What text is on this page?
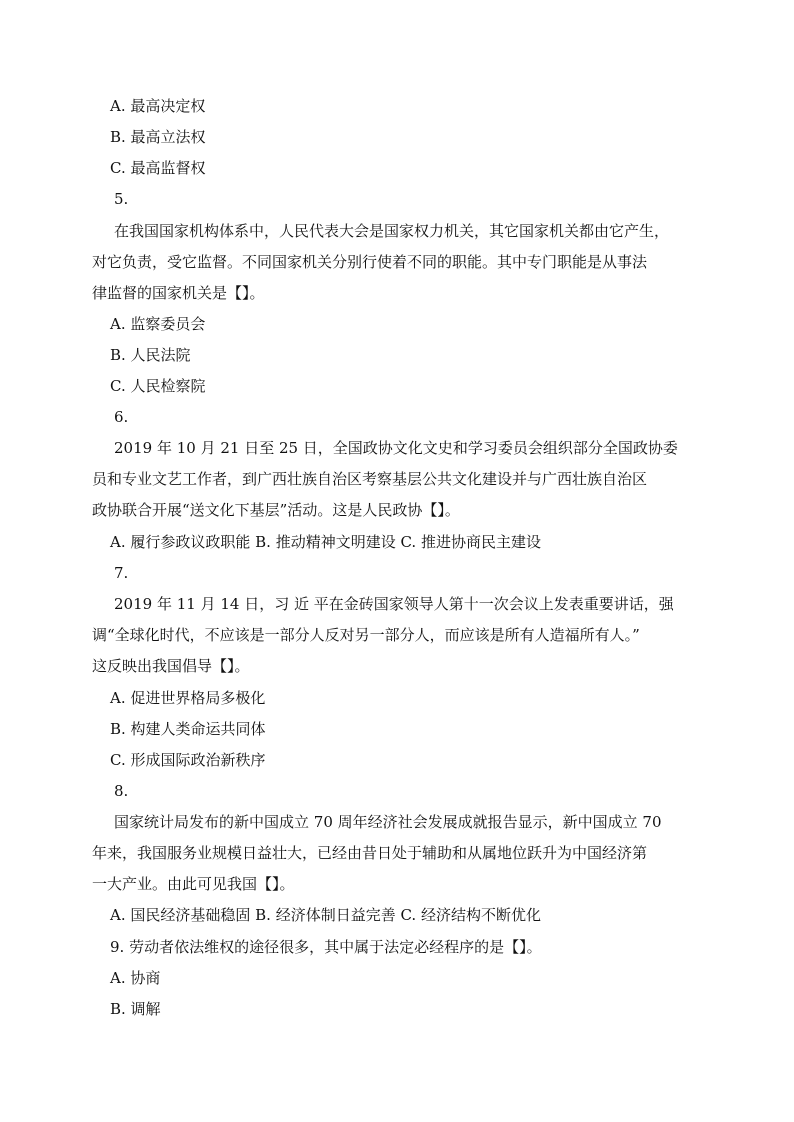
A. 最高决定权
B. 最高立法权
C. 最高监督权
5.
在我国国家机构体系中，人民代表大会是国家权力机关，其它国家机关都由它产生，
对它负责，受它监督。不同国家机关分别行使着不同的职能。其中专门职能是从事法
律监督的国家机关是【】。
A. 监察委员会
B. 人民法院
C. 人民检察院
6.
2019 年 10 月 21 日至 25 日，全国政协文化文史和学习委员会组织部分全国政协委
员和专业文艺工作者，到广西壮族自治区考察基层公共文化建设并与广西壮族自治区
政协联合开展“送文化下基层”活动。这是人民政协【】。
A. 履行参政议政职能 B. 推动精神文明建设 C. 推进协商民主建设
7.
2019 年 11 月 14 日，习 近 平在金砖国家领导人第十一次会议上发表重要讲话，强
调“全球化时代，不应该是一部分人反对另一部分人，而应该是所有人造福所有人。”
这反映出我国倡导【】。
A. 促进世界格局多极化
B. 构建人类命运共同体
C. 形成国际政治新秩序
8.
国家统计局发布的新中国成立 70 周年经济社会发展成就报告显示，新中国成立 70
年来，我国服务业规模日益壮大，已经由昔日处于辅助和从属地位跃升为中国经济第
一大产业。由此可见我国【】。
A. 国民经济基础稳固 B. 经济体制日益完善 C. 经济结构不断优化
9. 劳动者依法维权的途径很多，其中属于法定必经程序的是【】。
A. 协商
B. 调解
